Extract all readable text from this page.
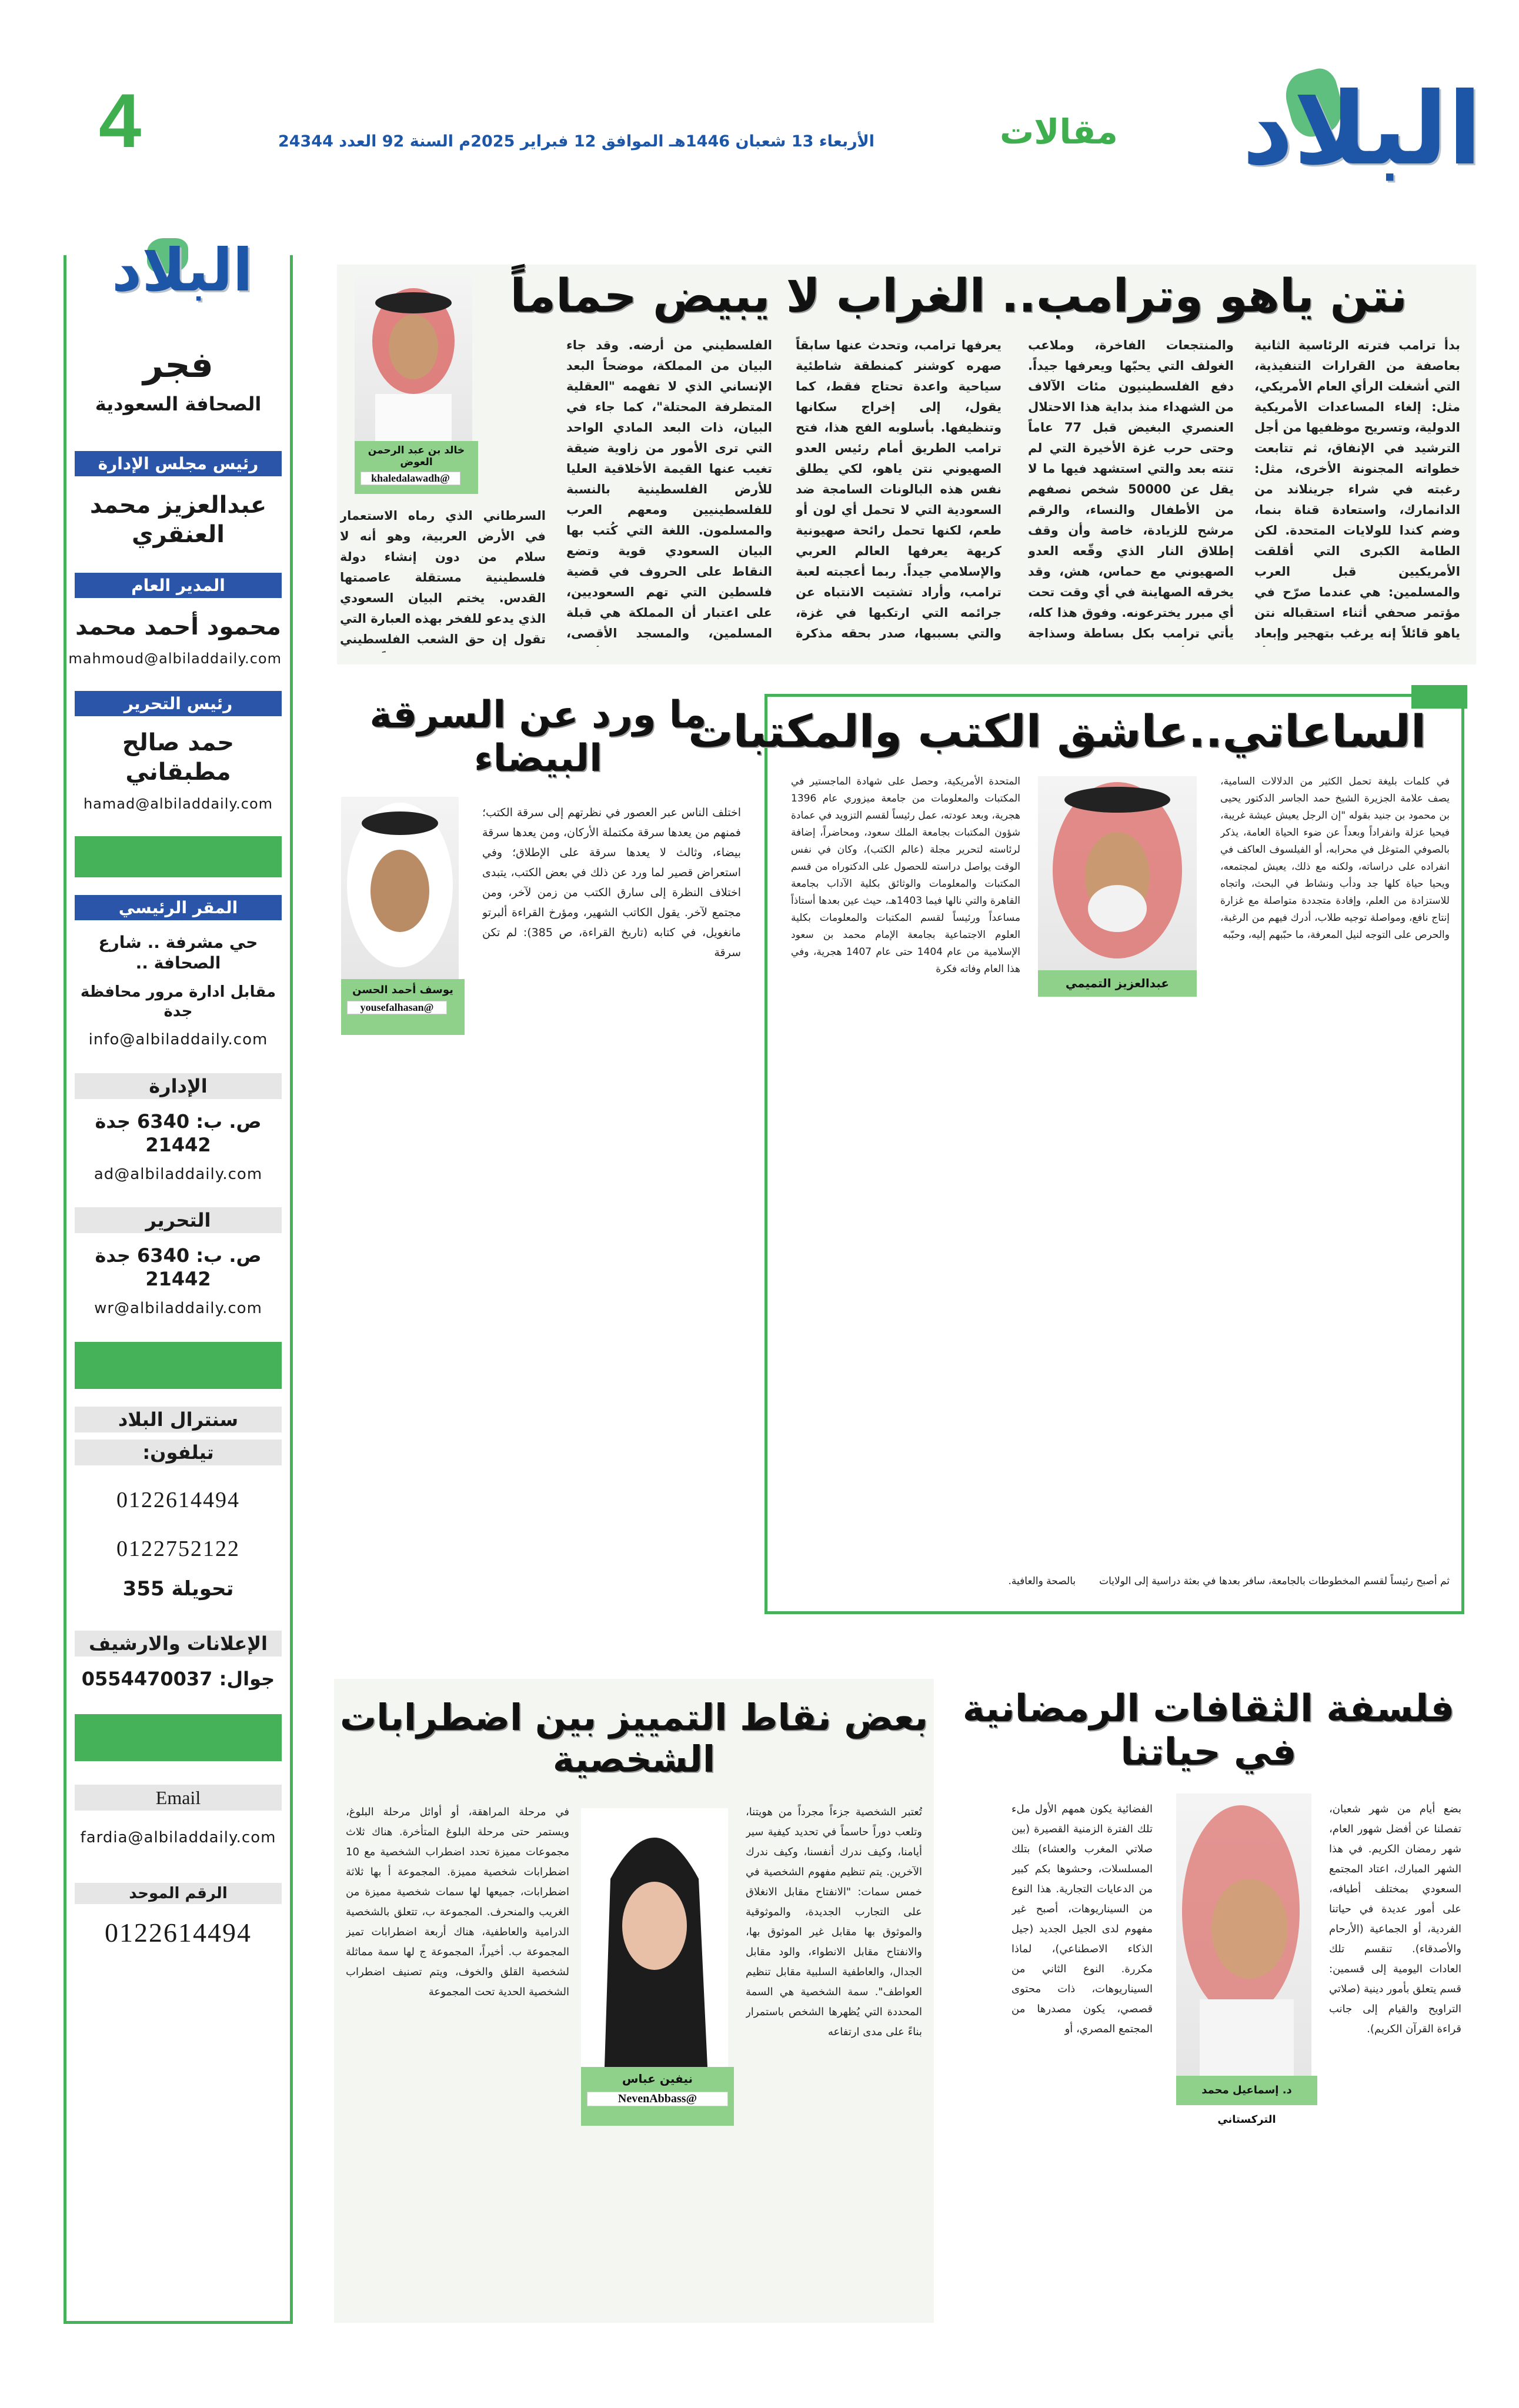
البلاد
مقالات
الأربعاء 13 شعبان 1446هـ الموافق 12 فبراير 2025م السنة 92 العدد 24344
4
البلاد
فجر
الصحافة السعودية
رئيس مجلس الإدارة
عبدالعزيز محمد العنقري
المدير العام
محمود أحمد محمد
mahmoud@albiladdaily.com
رئيس التحرير
حمد صالح مطبقاني
hamad@albiladdaily.com
المقر الرئيسي
حي مشرفة .. شارع الصحافة ..
مقابل ادارة مرور محافظة جدة
info@albiladdaily.com
الإدارة
ص. ب: 6340 جدة 21442
ad@albiladdaily.com
التحرير
ص. ب: 6340 جدة 21442
wr@albiladdaily.com
سنترال البلاد
تيلفون:
0122614494
0122752122
تحويلة 355
الإعلانات والارشيف
جوال: 0554470037
Email
fardia@albiladdaily.com
الرقم الموحد
0122614494
نتن ياهو وترامب.. الغراب لا يبيض حماماً
خالد بن عبد الرحمن العوض
@khaledalawadh
بدأ ترامب فترته الرئاسية الثانية بعاصفة من القرارات التنفيذية، التي أشغلت الرأي العام الأمريكي، مثل: إلغاء المساعدات الأمريكية الدولية، وتسريح موظفيها من أجل الترشيد في الإنفاق، ثم تتابعت خطواته المجنونة الأخرى، مثل: رغبته في شراء جرينلاند من الدانمارك، واستعادة قناة بنما، وضم كندا للولايات المتحدة. لكن الطامة الكبرى التي أقلقت الأمريكيين قبل العرب والمسلمين: هي عندما صرّح في مؤتمر صحفي أثناء استقباله نتن ياهو قائلاً إنه يرغب بتهجير وإبعاد
والمنتجعات الفاخرة، وملاعب الغولف التي يحبّها ويعرفها جيداً. دفع الفلسطينيون مئات الآلاف من الشهداء منذ بداية هذا الاحتلال العنصري البغيض قبل 77 عاماً وحتى حرب غزة الأخيرة التي لم تنته بعد والتي استشهد فيها ما لا يقل عن 50000 شخص نصفهم من الأطفال والنساء، والرقم مرشح للزيادة، خاصة وأن وقف إطلاق النار الذي وقّعه العدو الصهيوني مع حماس، هش، وقد يخرقه الصهاينة في أي وقت تحت أي مبرر يخترعونه. وفوق هذا كله، يأتي ترامب بكل بساطة وسذاجة
يعرفها ترامب، وتحدث عنها سابقاً صهره كوشنر كمنطقة شاطئية سياحية واعدة تحتاج فقط، كما يقول، إلى إخراج سكانها وتنظيفها. بأسلوبه الفج هذا، فتح ترامب الطريق أمام رئيس العدو الصهيوني نتن ياهو، لكي يطلق نفس هذه البالونات السامجة ضد السعودية التي لا تحمل أي لون أو طعم، لكنها تحمل رائحة صهيونية كريهة يعرفها العالم العربي والإسلامي جيداً. ربما أعجبته لعبة ترامب، وأراد تشتيت الانتباه عن جرائمه التي ارتكبها في غزة، والتي بسببها، صدر بحقه مذكرة
الفلسطيني من أرضه. وقد جاء البيان من المملكة، موضحاً البعد الإنساني الذي لا تفهمه "العقلية المتطرفة المحتلة"، كما جاء في البيان، ذات البعد المادي الواحد التي ترى الأمور من زاوية ضيقة تغيب عنها القيمة الأخلاقية العليا للأرض الفلسطينية بالنسبة للفلسطينيين ومعهم العرب والمسلمون. اللغة التي كُتب بها البيان السعودي قوية وتضع النقاط على الحروف في قضية فلسطين التي تهم السعوديين، على اعتبار أن المملكة هي قبلة المسلمين، والمسجد الأقصى،
السرطاني الذي رماه الاستعمار في الأرض العربية، وهو أنه لا سلام من دون إنشاء دولة فلسطينية مستقلة عاصمتها القدس. يختم البيان السعودي الذي يدعو للفخر بهذه العبارة التي تقول إن حق الشعب الفلسطيني
الساعاتي..عاشق الكتب والمكتبات
في كلمات بليغة تحمل الكثير من الدلالات السامية، يصف علامة الجزيرة الشيخ حمد الجاسر الدكتور يحيى بن محمود بن جنيد بقوله "إن الرجل يعيش عيشة غريبة، فيحيا عزلة وانفراداً وبعداً عن ضوء الحياة العامة، يذكر بالصوفي المتوغل في محرابه، أو الفيلسوف العاكف في انفراده على دراساته، ولكنه مع ذلك، يعيش لمجتمعه، ويحيا حياة كلها جد ودأب ونشاط في البحث، واتجاه للاستزادة من العلم، وإفادة متجددة متواصلة مع غزارة إنتاج نافع، ومواصلة توجيه طلاب، أدرك فيهم من الرغبة، والحرص على التوجه لنيل المعرفة، ما حبّبهم إليه، وحبّبه
عبدالعزيز التميمي
المتحدة الأمريكية، وحصل على شهادة الماجستير في المكتبات والمعلومات من جامعة ميزوري عام 1396 هجرية، وبعد عودته، عمل رئيساً لقسم التزويد في عمادة شؤون المكتبات بجامعة الملك سعود، ومحاضراً، إضافة لرئاسته لتحرير مجلة (عالم الكتب)، وكان في نفس الوقت يواصل دراسته للحصول على الدكتوراه من قسم المكتبات والمعلومات والوثائق بكلية الآداب بجامعة القاهرة والتي نالها فيما 1403هـ، حيث عين بعدها أستاذاً مساعداً ورئيساً لقسم المكتبات والمعلومات بكلية العلوم الاجتماعية بجامعة الإمام محمد بن سعود الإسلامية من عام 1404 حتى عام 1407 هجرية، وفي هذا العام وفاته فكرة
ثم أصبح رئيساً لقسم المخطوطات بالجامعة، سافر بعدها في بعثة دراسية إلى الولايات
بالصحة والعافية.
ما ورد عن السرقة البيضاء
يوسف أحمد الحسن
@yousefalhasan
اختلف الناس عبر العصور في نظرتهم إلى سرقة الكتب؛ فمنهم من يعدها سرقة مكتملة الأركان، ومن يعدها سرقة بيضاء، وثالث لا يعدها سرقة على الإطلاق؛ وفي استعراض قصير لما ورد عن ذلك في بعض الكتب، يتبدى اختلاف النظرة إلى سارق الكتب من زمن لآخر، ومن مجتمع لآخر. يقول الكاتب الشهير، ومؤرخ القراءة ألبرتو مانغويل، في كتابه (تاريخ القراءة، ص 385): لم تكن سرقة
فلسفة الثقافات الرمضانية في حياتنا
بضع أيام من شهر شعبان، تفصلنا عن أفضل شهور العام، شهر رمضان الكريم. في هذا الشهر المبارك، اعتاد المجتمع السعودي بمختلف أطيافه، على أمور عديدة في حياتنا الفردية، أو الجماعية (الأرحام والأصدقاء). تنقسم تلك العادات اليومية إلى قسمين: قسم يتعلق بأمور دينية (صلاتي التراويح والقيام إلى جانب قراءة القرآن الكريم).
د. إسماعيل محمد التركستاني
الفضائية يكون همهم الأول ملء تلك الفترة الزمنية القصيرة (بين صلاتي المغرب والعشاء) بتلك المسلسلات، وحشوها بكم كبير من الدعايات التجارية. هذا النوع من السيناريوهات، أصبح غير مفهوم لدى الجيل الجديد (جيل الذكاء الاصطناعي)، لماذا مكررة. النوع الثاني من السيناريوهات، ذات محتوى قصصي، يكون مصدرها من المجتمع المصري، أو
بعض نقاط التمييز بين اضطرابات الشخصية
تُعتبر الشخصية جزءاً مجرداً من هويتنا، وتلعب دوراً حاسماً في تحديد كيفية سير أيامنا، وكيف ندرك أنفسنا، وكيف ندرك الآخرين. يتم تنظيم مفهوم الشخصية في خمس سمات: "الانفتاح مقابل الانغلاق على التجارب الجديدة، والموثوقية والموثوق بها مقابل غير الموثوق بها، والانفتاح مقابل الانطواء، والود مقابل الجدال، والعاطفية السلبية مقابل تنظيم العواطف". سمة الشخصية هي السمة المحددة التي يُظهرها الشخص باستمرار بناءً على مدى ارتفاعه
نيفين عباس
@NevenAbbass
في مرحلة المراهقة، أو أوائل مرحلة البلوغ، ويستمر حتى مرحلة البلوغ المتأخرة. هناك ثلاث مجموعات مميزة تحدد اضطراب الشخصية مع 10 اضطرابات شخصية مميزة. المجموعة أ بها ثلاثة اضطرابات، جميعها لها سمات شخصية مميزة من الغريب والمنحرف. المجموعة ب، تتعلق بالشخصية الدرامية والعاطفية، هناك أربعة اضطرابات تميز المجموعة ب. أخيراً، المجموعة ج لها سمة مماثلة لشخصية القلق والخوف، ويتم تصنيف اضطراب الشخصية الحدية تحت المجموعة
